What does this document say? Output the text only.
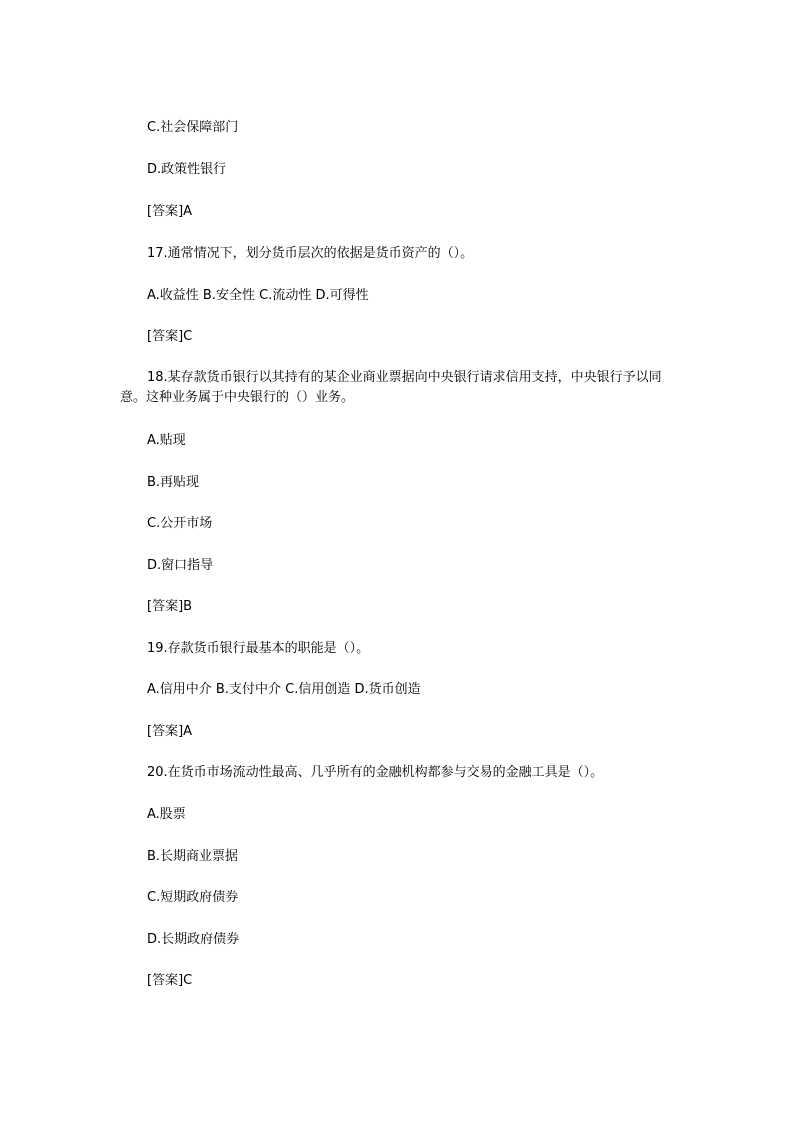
C.社会保障部门
D.政策性银行
[答案]A
17.通常情况下，划分货币层次的依据是货币资产的（）。
A.收益性 B.安全性 C.流动性 D.可得性
[答案]C
18.某存款货币银行以其持有的某企业商业票据向中央银行请求信用支持，中央银行予以同意。这种业务属于中央银行的（）业务。
A.贴现
B.再贴现
C.公开市场
D.窗口指导
[答案]B
19.存款货币银行最基本的职能是（）。
A.信用中介 B.支付中介 C.信用创造 D.货币创造
[答案]A
20.在货币市场流动性最高、几乎所有的金融机构都参与交易的金融工具是（）。
A.股票
B.长期商业票据
C.短期政府债券
D.长期政府债券
[答案]C
